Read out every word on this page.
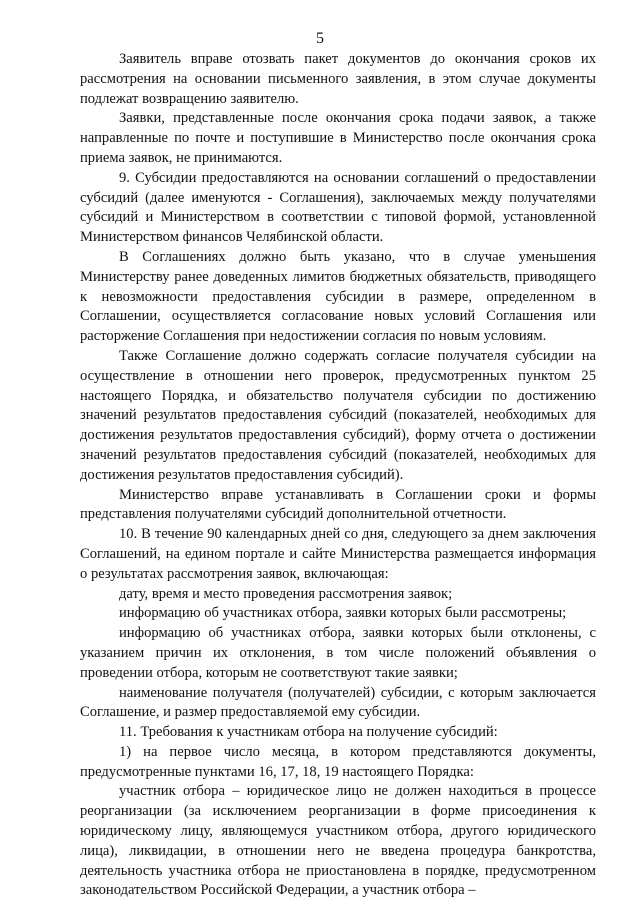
5

Заявитель вправе отозвать пакет документов до окончания сроков их рассмотрения на основании письменного заявления, в этом случае документы подлежат возвращению заявителю.

Заявки, представленные после окончания срока подачи заявок, а также направленные по почте и поступившие в Министерство после окончания срока приема заявок, не принимаются.

9. Субсидии предоставляются на основании соглашений о предоставлении субсидий (далее именуются - Соглашения), заключаемых между получателями субсидий и Министерством в соответствии с типовой формой, установленной Министерством финансов Челябинской области.

В Соглашениях должно быть указано, что в случае уменьшения Министерству ранее доведенных лимитов бюджетных обязательств, приводящего к невозможности предоставления субсидии в размере, определенном в Соглашении, осуществляется согласование новых условий Соглашения или расторжение Соглашения при недостижении согласия по новым условиям.

Также Соглашение должно содержать согласие получателя субсидии на осуществление в отношении него проверок, предусмотренных пунктом 25 настоящего Порядка, и обязательство получателя субсидии по достижению значений результатов предоставления субсидий (показателей, необходимых для достижения результатов предоставления субсидий), форму отчета о достижении значений результатов предоставления субсидий (показателей, необходимых для достижения результатов предоставления субсидий).

Министерство вправе устанавливать в Соглашении сроки и формы представления получателями субсидий дополнительной отчетности.

10. В течение 90 календарных дней со дня, следующего за днем заключения Соглашений, на едином портале и сайте Министерства размещается информация о результатах рассмотрения заявок, включающая:

дату, время и место проведения рассмотрения заявок;

информацию об участниках отбора, заявки которых были рассмотрены;

информацию об участниках отбора, заявки которых были отклонены, с указанием причин их отклонения, в том числе положений объявления о проведении отбора, которым не соответствуют такие заявки;

наименование получателя (получателей) субсидии, с которым заключается Соглашение, и размер предоставляемой ему субсидии.

11. Требования к участникам отбора на получение субсидий:

1) на первое число месяца, в котором представляются документы, предусмотренные пунктами 16, 17, 18, 19 настоящего Порядка:

участник отбора – юридическое лицо не должен находиться в процессе реорганизации (за исключением реорганизации в форме присоединения к юридическому лицу, являющемуся участником отбора, другого юридического лица), ликвидации, в отношении него не введена процедура банкротства, деятельность участника отбора не приостановлена в порядке, предусмотренном законодательством Российской Федерации, а участник отбора –
